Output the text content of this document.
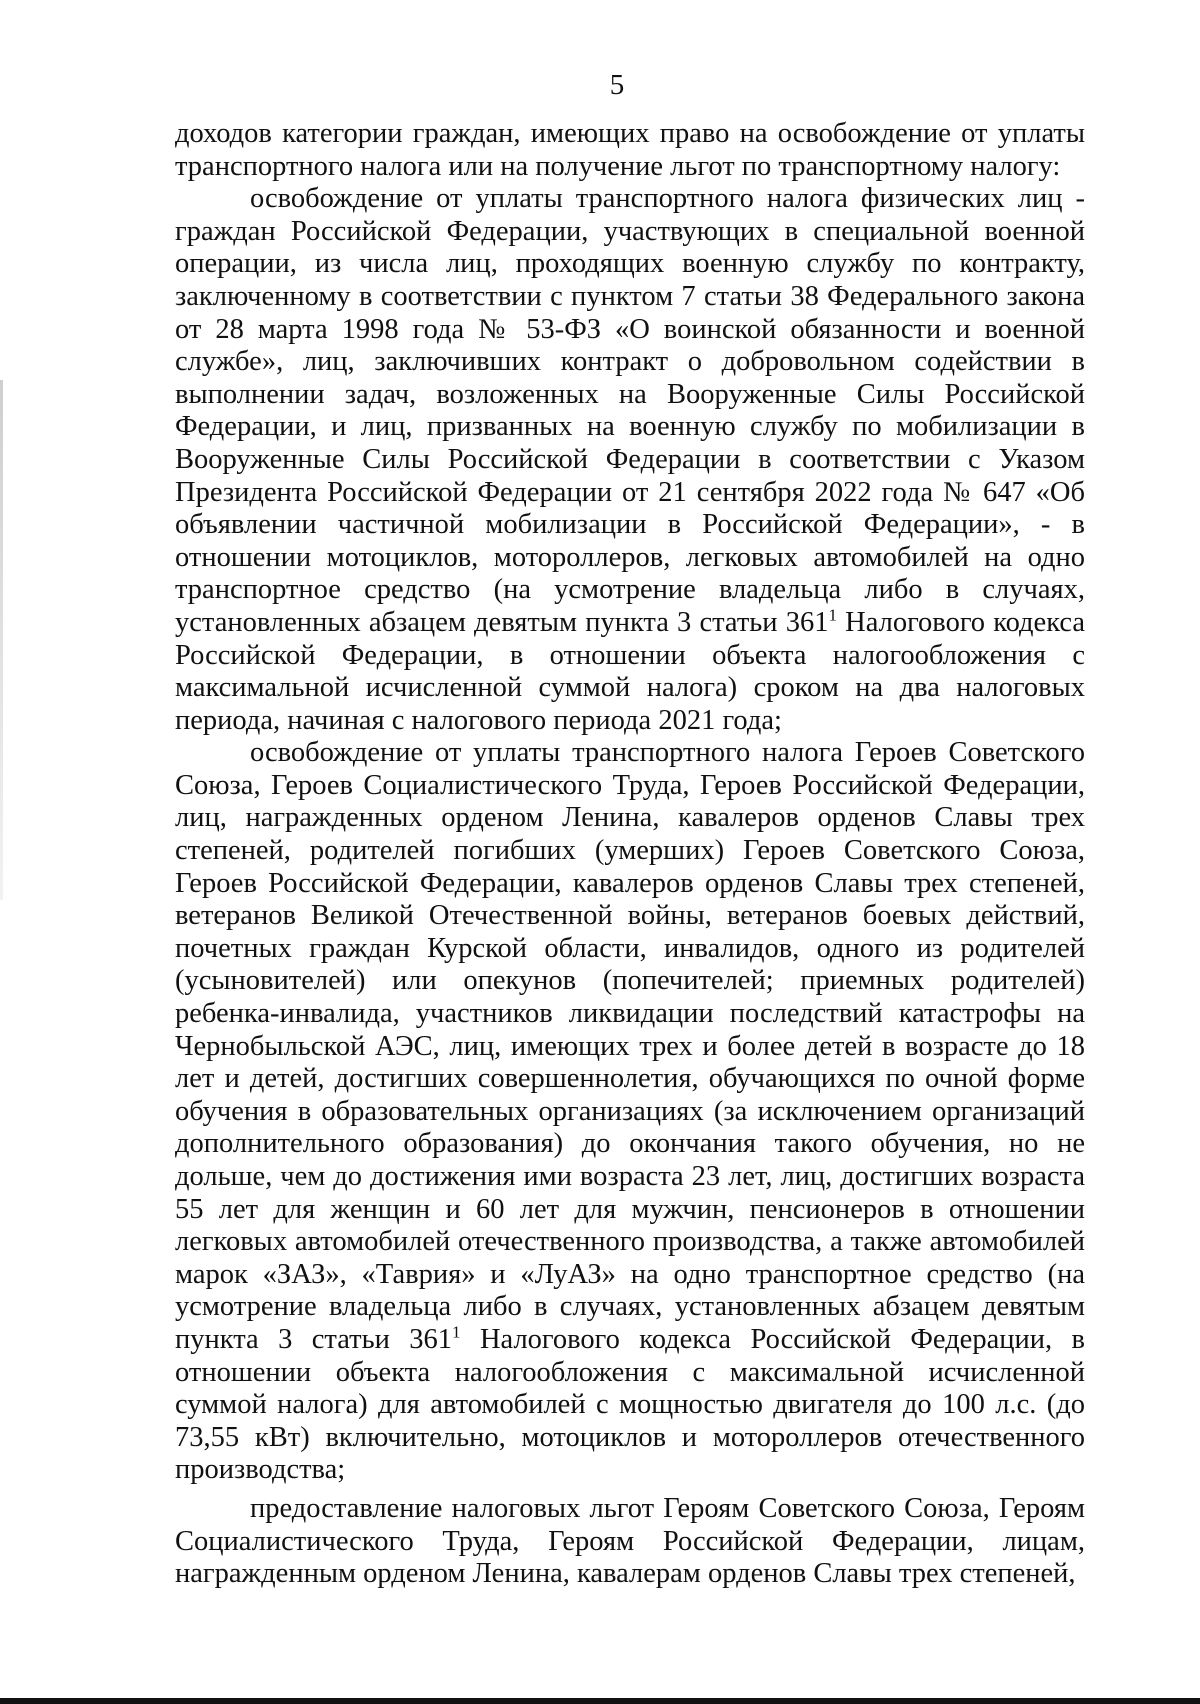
5

доходов категории граждан, имеющих право на освобождение от уплаты транспортного налога или на получение льгот по транспортному налогу:

освобождение от уплаты транспортного налога физических лиц - граждан Российской Федерации, участвующих в специальной военной операции, из числа лиц, проходящих военную службу по контракту, заключенному в соответствии с пунктом 7 статьи 38 Федерального закона от 28 марта 1998 года № 53-ФЗ «О воинской обязанности и военной службе», лиц, заключивших контракт о добровольном содействии в выполнении задач, возложенных на Вооруженные Силы Российской Федерации, и лиц, призванных на военную службу по мобилизации в Вооруженные Силы Российской Федерации в соответствии с Указом Президента Российской Федерации от 21 сентября 2022 года № 647 «Об объявлении частичной мобилизации в Российской Федерации», - в отношении мотоциклов, мотороллеров, легковых автомобилей на одно транспортное средство (на усмотрение владельца либо в случаях, установленных абзацем девятым пункта 3 статьи $361^1$ Налогового кодекса Российской Федерации, в отношении объекта налогообложения с максимальной исчисленной суммой налога) сроком на два налоговых периода, начиная с налогового периода 2021 года;

освобождение от уплаты транспортного налога Героев Советского Союза, Героев Социалистического Труда, Героев Российской Федерации, лиц, награжденных орденом Ленина, кавалеров орденов Славы трех степеней, родителей погибших (умерших) Героев Советского Союза, Героев Российской Федерации, кавалеров орденов Славы трех степеней, ветеранов Великой Отечественной войны, ветеранов боевых действий, почетных граждан Курской области, инвалидов, одного из родителей (усыновителей) или опекунов (попечителей; приемных родителей) ребенка-инвалида, участников ликвидации последствий катастрофы на Чернобыльской АЭС, лиц, имеющих трех и более детей в возрасте до 18 лет и детей, достигших совершеннолетия, обучающихся по очной форме обучения в образовательных организациях (за исключением организаций дополнительного образования) до окончания такого обучения, но не дольше, чем до достижения ими возраста 23 лет, лиц, достигших возраста 55 лет для женщин и 60 лет для мужчин, пенсионеров в отношении легковых автомобилей отечественного производства, а также автомобилей марок «ЗАЗ», «Таврия» и «ЛуАЗ» на одно транспортное средство (на усмотрение владельца либо в случаях, установленных абзацем девятым пункта 3 статьи $361^1$ Налогового кодекса Российской Федерации, в отношении объекта налогообложения с максимальной исчисленной суммой налога) для автомобилей с мощностью двигателя до 100 л.с. (до 73,55 кВт) включительно, мотоциклов и мотороллеров отечественного производства;

предоставление налоговых льгот Героям Советского Союза, Героям Социалистического Труда, Героям Российской Федерации, лицам, награжденным орденом Ленина, кавалерам орденов Славы трех степеней,
